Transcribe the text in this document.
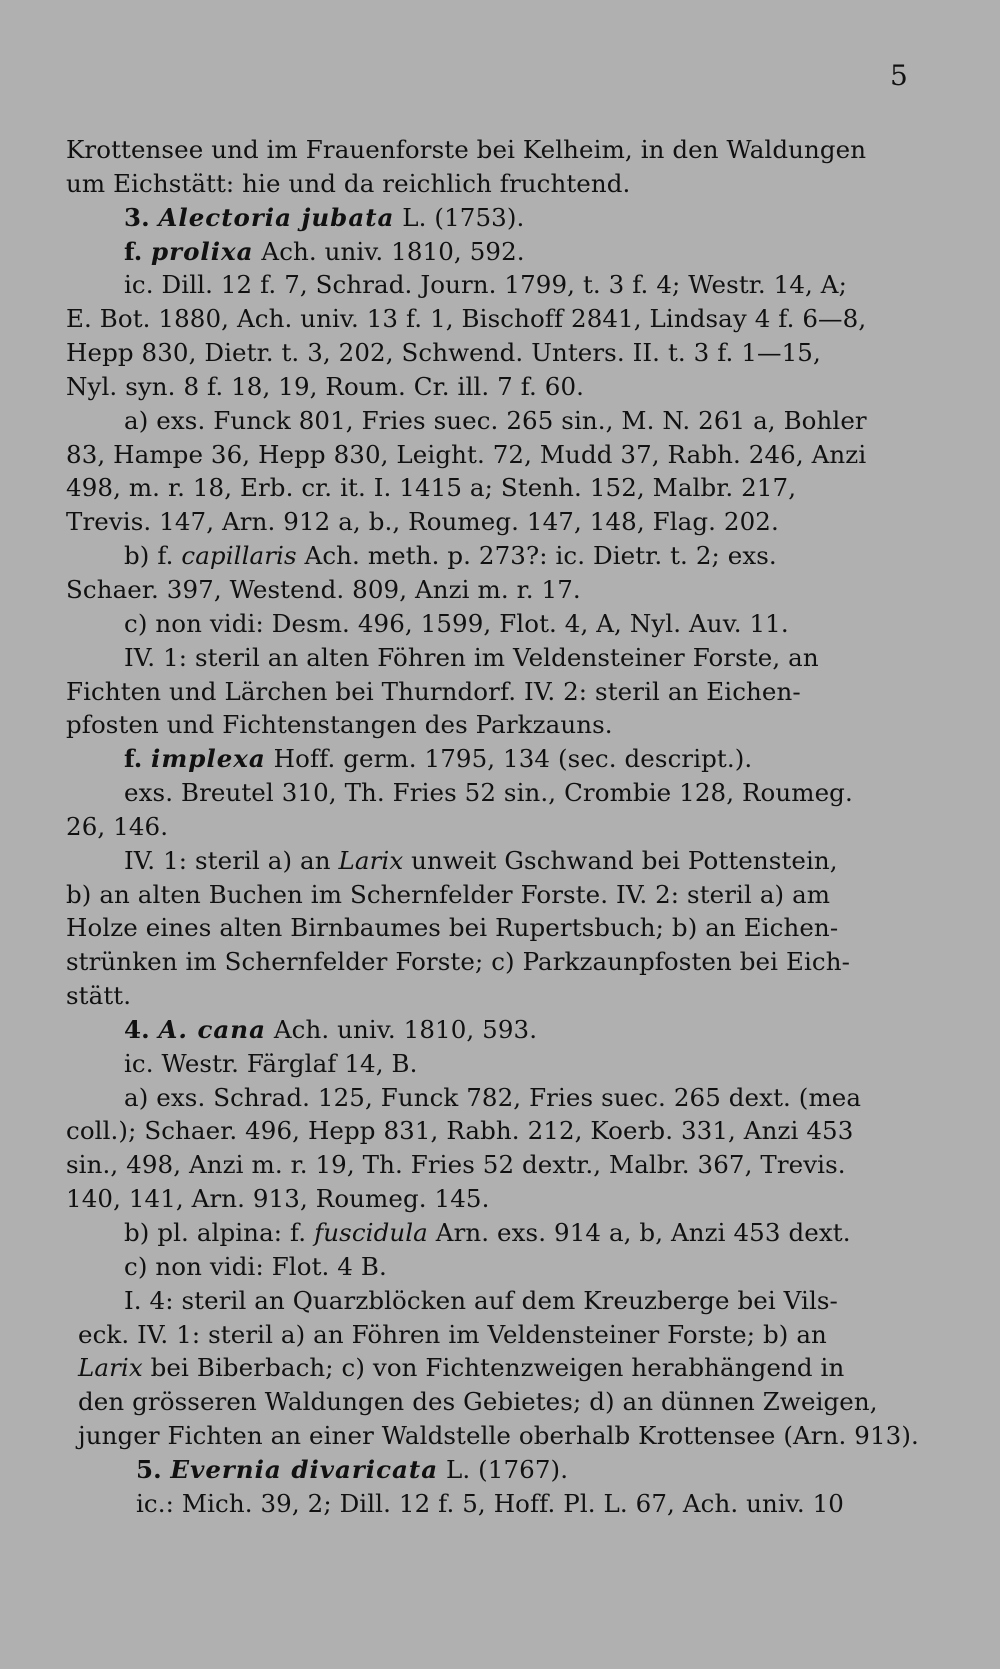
5
Krottensee und im Frauenforste bei Kelheim, in den Waldungen
um Eichstätt: hie und da reichlich fruchtend.
3. Alectoria jubata L. (1753).
f. prolixa Ach. univ. 1810, 592.
ic. Dill. 12 f. 7, Schrad. Journ. 1799, t. 3 f. 4; Westr. 14, A;
E. Bot. 1880, Ach. univ. 13 f. 1, Bischoff 2841, Lindsay 4 f. 6—8,
Hepp 830, Dietr. t. 3, 202, Schwend. Unters. II. t. 3 f. 1—15,
Nyl. syn. 8 f. 18, 19, Roum. Cr. ill. 7 f. 60.
a) exs. Funck 801, Fries suec. 265 sin., M. N. 261 a, Bohler
83, Hampe 36, Hepp 830, Leight. 72, Mudd 37, Rabh. 246, Anzi
498, m. r. 18, Erb. cr. it. I. 1415 a; Stenh. 152, Malbr. 217,
Trevis. 147, Arn. 912 a, b., Roumeg. 147, 148, Flag. 202.
b) f. capillaris Ach. meth. p. 273?: ic. Dietr. t. 2; exs.
Schaer. 397, Westend. 809, Anzi m. r. 17.
c) non vidi: Desm. 496, 1599, Flot. 4, A, Nyl. Auv. 11.
IV. 1: steril an alten Föhren im Veldensteiner Forste, an
Fichten und Lärchen bei Thurndorf. IV. 2: steril an Eichen-
pfosten und Fichtenstangen des Parkzauns.
f. implexa Hoff. germ. 1795, 134 (sec. descript.).
exs. Breutel 310, Th. Fries 52 sin., Crombie 128, Roumeg.
26, 146.
IV. 1: steril a) an Larix unweit Gschwand bei Pottenstein,
b) an alten Buchen im Schernfelder Forste. IV. 2: steril a) am
Holze eines alten Birnbaumes bei Rupertsbuch; b) an Eichen-
strünken im Schernfelder Forste; c) Parkzaunpfosten bei Eich-
stätt.
4. A. cana Ach. univ. 1810, 593.
ic. Westr. Färglaf 14, B.
a) exs. Schrad. 125, Funck 782, Fries suec. 265 dext. (mea
coll.); Schaer. 496, Hepp 831, Rabh. 212, Koerb. 331, Anzi 453
sin., 498, Anzi m. r. 19, Th. Fries 52 dextr., Malbr. 367, Trevis.
140, 141, Arn. 913, Roumeg. 145.
b) pl. alpina: f. fuscidula Arn. exs. 914 a, b, Anzi 453 dext.
c) non vidi: Flot. 4 B.
I. 4: steril an Quarzblöcken auf dem Kreuzberge bei Vils-
eck. IV. 1: steril a) an Föhren im Veldensteiner Forste; b) an
Larix bei Biberbach; c) von Fichtenzweigen herabhängend in
den grösseren Waldungen des Gebietes; d) an dünnen Zweigen,
junger Fichten an einer Waldstelle oberhalb Krottensee (Arn. 913).
5. Evernia divaricata L. (1767).
ic.: Mich. 39, 2; Dill. 12 f. 5, Hoff. Pl. L. 67, Ach. univ. 10
